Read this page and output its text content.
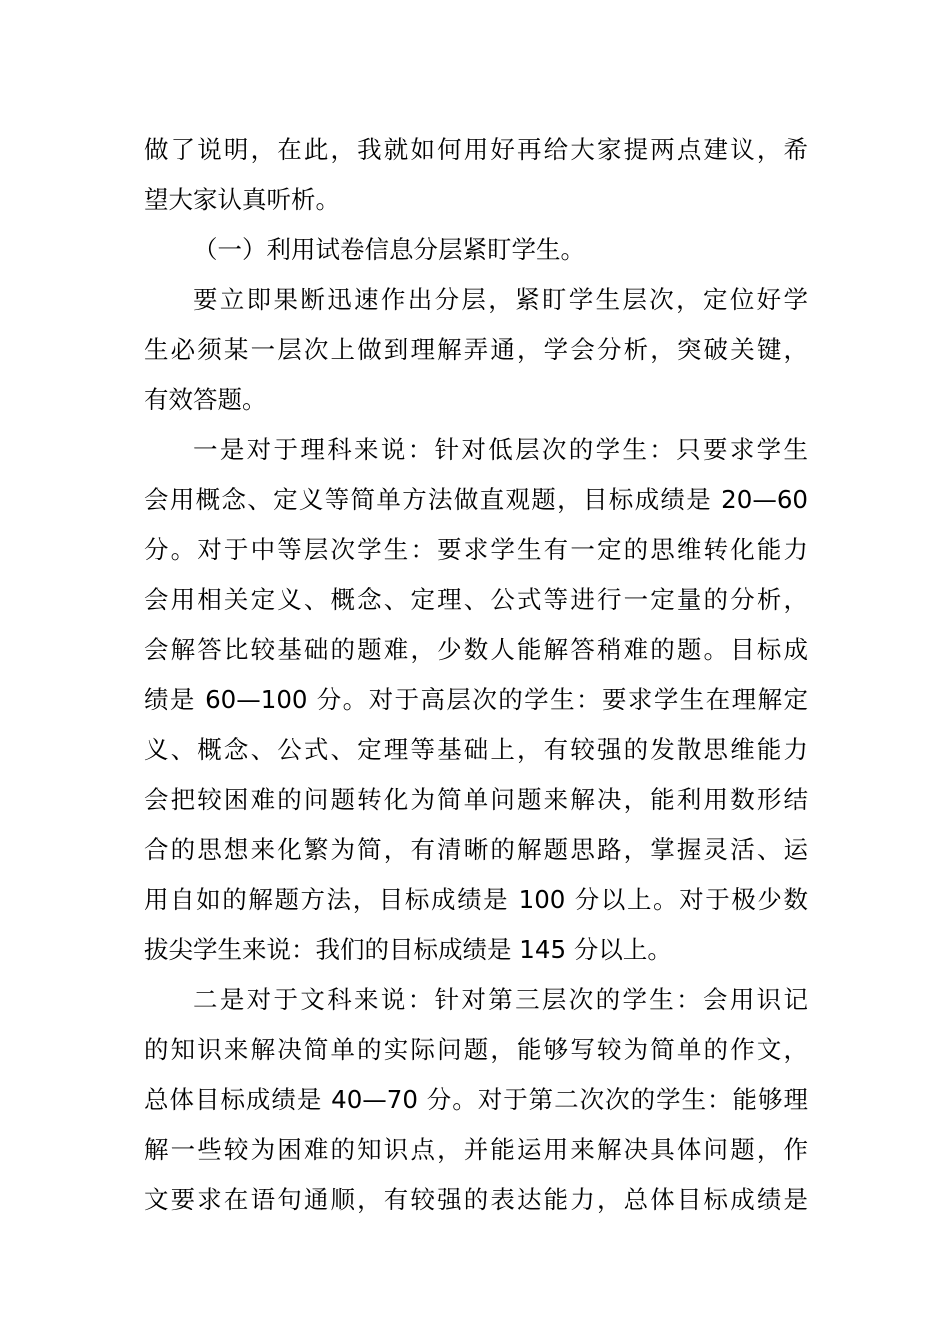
做了说明，在此，我就如何用好再给大家提两点建议，希
望大家认真听析。
（一）利用试卷信息分层紧盯学生。
要立即果断迅速作出分层，紧盯学生层次，定位好学
生必须某一层次上做到理解弄通，学会分析，突破关键，
有效答题。
一是对于理科来说：针对低层次的学生：只要求学生
会用概念、定义等简单方法做直观题，目标成绩是 20—60
分。对于中等层次学生：要求学生有一定的思维转化能力
会用相关定义、概念、定理、公式等进行一定量的分析，
会解答比较基础的题难，少数人能解答稍难的题。目标成
绩是 60—100 分。对于高层次的学生：要求学生在理解定
义、概念、公式、定理等基础上，有较强的发散思维能力
会把较困难的问题转化为简单问题来解决，能利用数形结
合的思想来化繁为简，有清晰的解题思路，掌握灵活、运
用自如的解题方法，目标成绩是 100 分以上。对于极少数
拔尖学生来说：我们的目标成绩是 145 分以上。
二是对于文科来说：针对第三层次的学生：会用识记
的知识来解决简单的实际问题，能够写较为简单的作文，
总体目标成绩是 40—70 分。对于第二次次的学生：能够理
解一些较为困难的知识点，并能运用来解决具体问题，作
文要求在语句通顺，有较强的表达能力，总体目标成绩是
